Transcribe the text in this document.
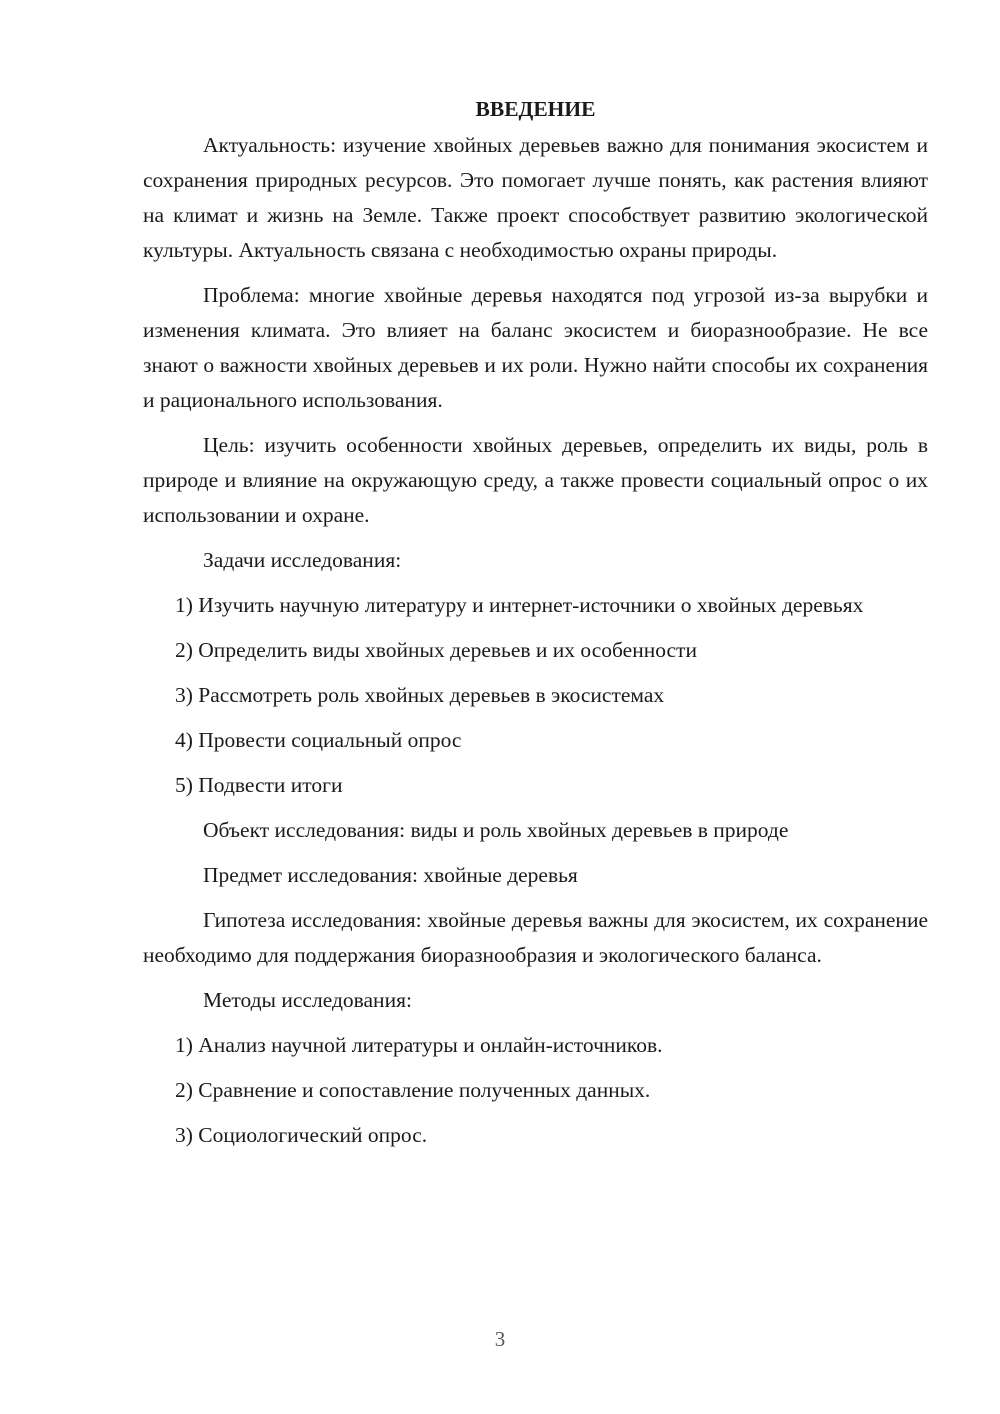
ВВЕДЕНИЕ

Актуальность: изучение хвойных деревьев важно для понимания экосистем и сохранения природных ресурсов. Это помогает лучше понять, как растения влияют на климат и жизнь на Земле. Также проект способствует развитию экологической культуры. Актуальность связана с необходимостью охраны природы.

Проблема: многие хвойные деревья находятся под угрозой из-за вырубки и изменения климата. Это влияет на баланс экосистем и биоразнообразие. Не все знают о важности хвойных деревьев и их роли. Нужно найти способы их сохранения и рационального использования.

Цель: изучить особенности хвойных деревьев, определить их виды, роль в природе и влияние на окружающую среду, а также провести социальный опрос о их использовании и охране.

Задачи исследования:

1) Изучить научную литературу и интернет-источники о хвойных деревьях

2) Определить виды хвойных деревьев и их особенности

3) Рассмотреть роль хвойных деревьев в экосистемах

4) Провести социальный опрос

5) Подвести итоги

Объект исследования: виды и роль хвойных деревьев в природе

Предмет исследования: хвойные деревья

Гипотеза исследования: хвойные деревья важны для экосистем, их сохранение необходимо для поддержания биоразнообразия и экологического баланса.

Методы исследования:

1) Анализ научной литературы и онлайн-источников.

2) Сравнение и сопоставление полученных данных.

3) Социологический опрос.

3
